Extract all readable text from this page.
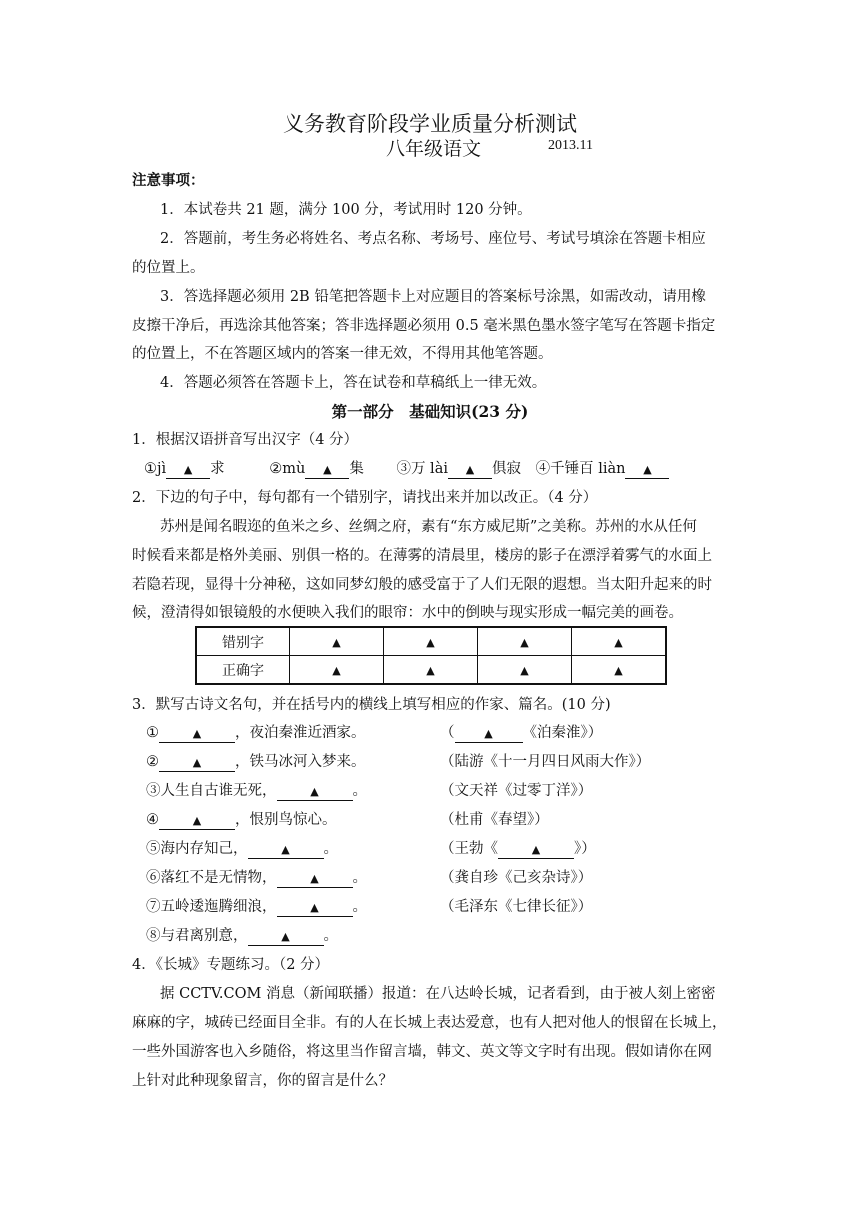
义务教育阶段学业质量分析测试
八年级语文	2013.11
注意事项：
1．本试卷共 21 题，满分 100 分，考试用时 120 分钟。
2．答题前，考生务必将姓名、考点名称、考场号、座位号、考试号填涂在答题卡相应
的位置上。
3．答选择题必须用 2B 铅笔把答题卡上对应题目的答案标号涂黑，如需改动，请用橡
皮擦干净后，再选涂其他答案；答非选择题必须用 0.5 毫米黑色墨水签字笔写在答题卡指定
的位置上，不在答题区域内的答案一律无效，不得用其他笔答题。
4．答题必须答在答题卡上，答在试卷和草稿纸上一律无效。
第一部分　基础知识(23 分)
1．根据汉语拼音写出汉字（4 分）
①jì ▲ 求	②mù ▲ 集 ③万 lài ▲ 俱寂 ④千锤百 liàn ▲
2．下边的句子中，每句都有一个错别字，请找出来并加以改正。（4 分）
苏州是闻名暇迩的鱼米之乡、丝绸之府，素有“东方威尼斯”之美称。苏州的水从任何
时候看来都是格外美丽、别俱一格的。在薄雾的清晨里，楼房的影子在漂浮着雾气的水面上
若隐若现，显得十分神秘，这如同梦幻般的感受富于了人们无限的遐想。当太阳升起来的时
候，澄清得如银镜般的水便映入我们的眼帘：水中的倒映与现实形成一幅完美的画卷。
错别字	▲	▲	▲	▲
正确字	▲	▲	▲	▲
3．默写古诗文名句，并在括号内的横线上填写相应的作家、篇名。(10 分)
①	▲ ，夜泊秦淮近酒家。	（	▲ 《泊秦淮》）
②	▲ ，铁马冰河入梦来。	（陆游《十一月四日风雨大作》）
③人生自古谁无死，	▲ 。	（文天祥《过零丁洋》）
④	▲ ，恨别鸟惊心。	（杜甫《春望》）
⑤海内存知己，	▲ 。	（王勃《	▲ 》）
⑥落红不是无情物，	▲ 。	（龚自珍《己亥杂诗》）
⑦五岭逶迤腾细浪，	▲ 。	（毛泽东《七律长征》）
⑧与君离别意，	▲ 。
4．《长城》专题练习。（2 分）
据 CCTV.COM 消息（新闻联播）报道：在八达岭长城，记者看到，由于被人刻上密密
麻麻的字，城砖已经面目全非。有的人在长城上表达爱意，也有人把对他人的恨留在长城上，
一些外国游客也入乡随俗，将这里当作留言墙，韩文、英文等文字时有出现。假如请你在网
上针对此种现象留言，你的留言是什么？
